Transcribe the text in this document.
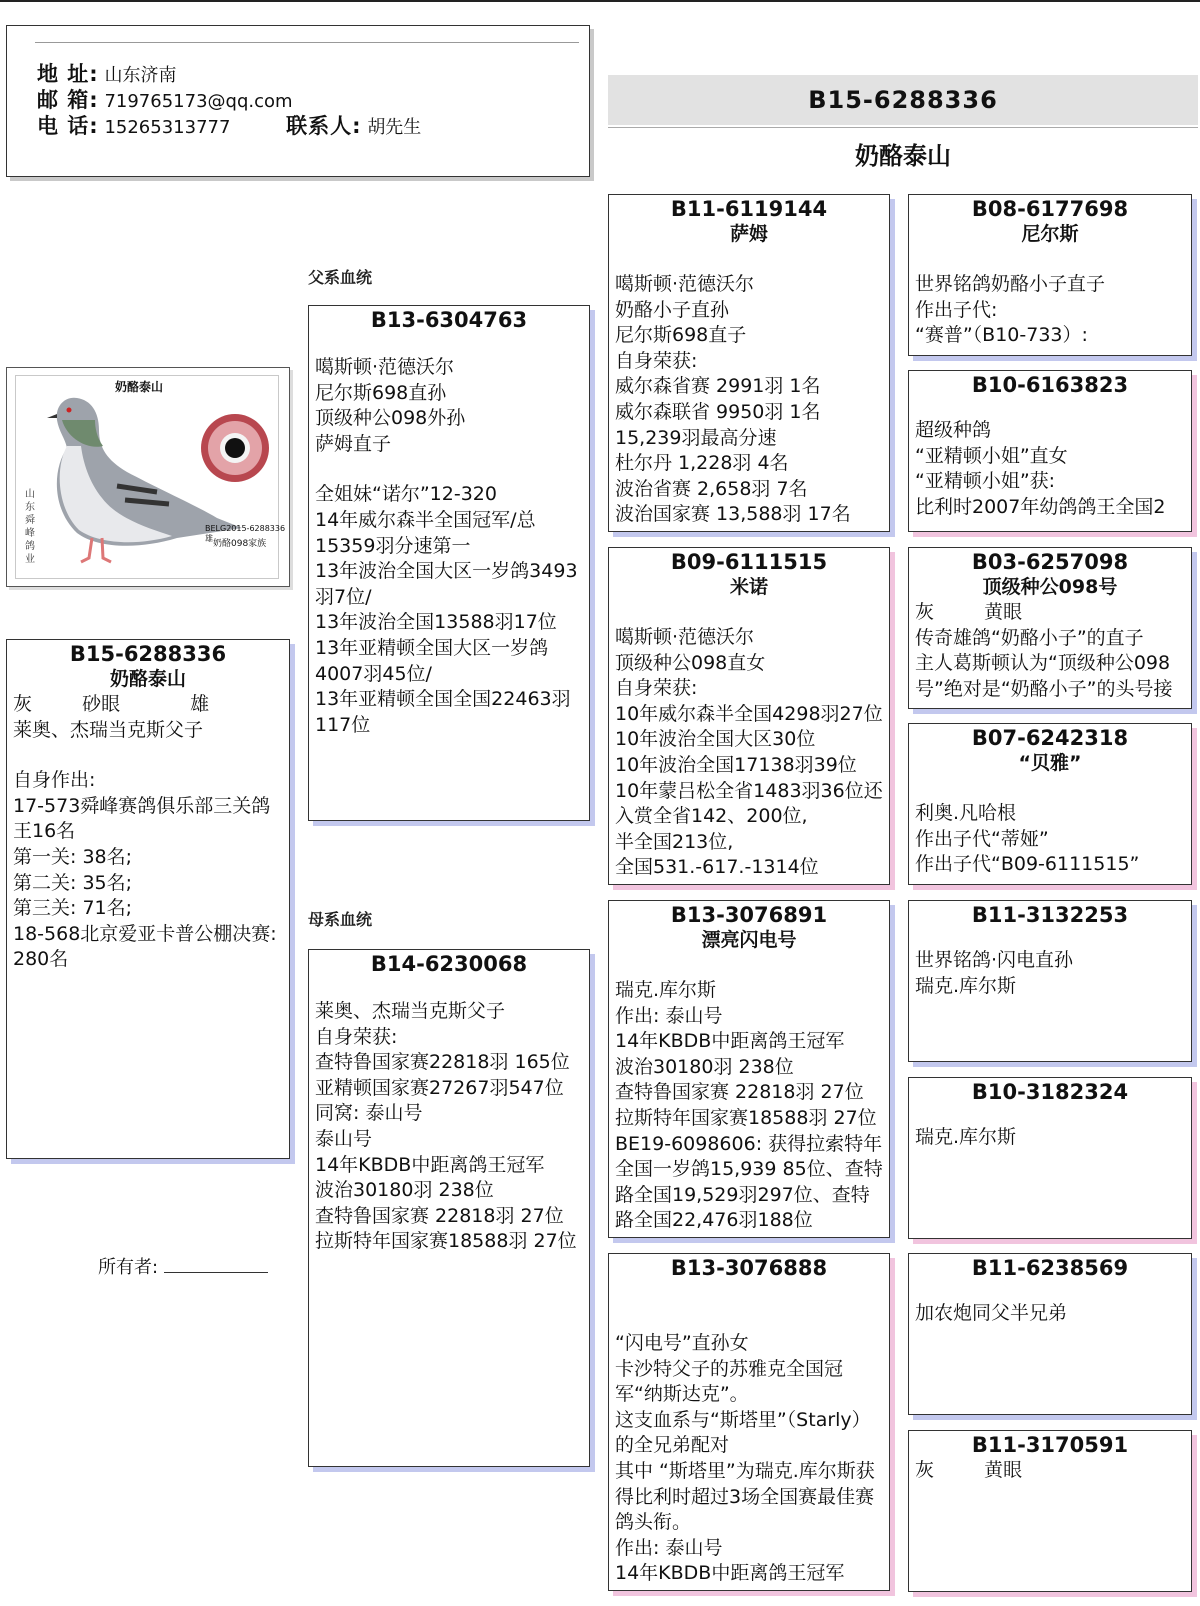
地 址: 山东济南
邮 箱: 719765173@qq.com
电 话: 15265313777	联系人: 胡先生
B15-6288336
奶酪泰山
奶酪泰山
BELG2015-6288336 雄
奶酪098家族
山东舜峰鸽业
B15-6288336
奶酪泰山
灰	砂眼	雄
莱奥、杰瑞当克斯父子
自身作出:
17-573舜峰赛鸽俱乐部三关鸽王16名
第一关: 38名;
第二关: 35名;
第三关: 71名;
18-568北京爱亚卡普公棚决赛: 280名
所有者:
父系血统
母系血统
B13-6304763
噶斯顿·范德沃尔
尼尔斯698直孙
顶级种公098外孙
萨姆直子
全姐妹“诺尔”12-320
14年威尔森半全国冠军/总15359羽分速第一
13年波治全国大区一岁鸽3493羽7位/
13年波治全国13588羽17位
13年亚精顿全国大区一岁鸽4007羽45位/
13年亚精顿全国全国22463羽117位
B14-6230068
莱奥、杰瑞当克斯父子
自身荣获:
查特鲁国家赛22818羽 165位
亚精顿国家赛27267羽547位
同窝: 泰山号
泰山号
14年KBDB中距离鸽王冠军
波治30180羽 238位
查特鲁国家赛 22818羽 27位
拉斯特年国家赛18588羽 27位
B11-6119144
萨姆
噶斯顿·范德沃尔
奶酪小子直孙
尼尔斯698直子
自身荣获:
威尔森省赛 2991羽 1名
威尔森联省 9950羽 1名
15,239羽最高分速
杜尔丹 1,228羽 4名
波治省赛 2,658羽 7名
波治国家赛 13,588羽 17名
B09-6111515
米诺
噶斯顿·范德沃尔
顶级种公098直女
自身荣获:
10年威尔森半全国4298羽27位
10年波治全国大区30位
10年波治全国17138羽39位
10年蒙吕松全省1483羽36位还入赏全省142、200位,
半全国213位,
全国531.-617.-1314位
B13-3076891
漂亮闪电号
瑞克.库尔斯
作出: 泰山号
14年KBDB中距离鸽王冠军
波治30180羽 238位
查特鲁国家赛 22818羽 27位
拉斯特年国家赛18588羽 27位
BE19-6098606: 获得拉索特年全国一岁鸽15,939 85位、查特路全国19,529羽297位、查特路全国22,476羽188位
B13-3076888
“闪电号”直孙女
卡沙特父子的苏雅克全国冠军“纳斯达克”。
这支血系与“斯塔里”（Starly）的全兄弟配对
其中 “斯塔里”为瑞克.库尔斯获得比利时超过3场全国赛最佳赛鸽头衔。
作出: 泰山号
14年KBDB中距离鸽王冠军
B08-6177698
尼尔斯
世界铭鸽奶酪小子直子
作出子代:
“赛普”（B10-733）:
B10-6163823
超级种鸽
“亚精顿小姐”直女
“亚精顿小姐”获:
比利时2007年幼鸽鸽王全国2
B03-6257098
顶级种公098号
灰 　　 黄眼
传奇雄鸽“奶酪小子”的直子
主人葛斯顿认为“顶级种公098号”绝对是“奶酪小子”的头号接
B07-6242318
“贝雅”
利奥.凡哈根
作出子代“蒂娅”
作出子代“B09-6111515”
B11-3132253
世界铭鸽·闪电直孙
瑞克.库尔斯
B10-3182324
瑞克.库尔斯
B11-6238569
加农炮同父半兄弟
B11-3170591
灰 　　 黄眼
